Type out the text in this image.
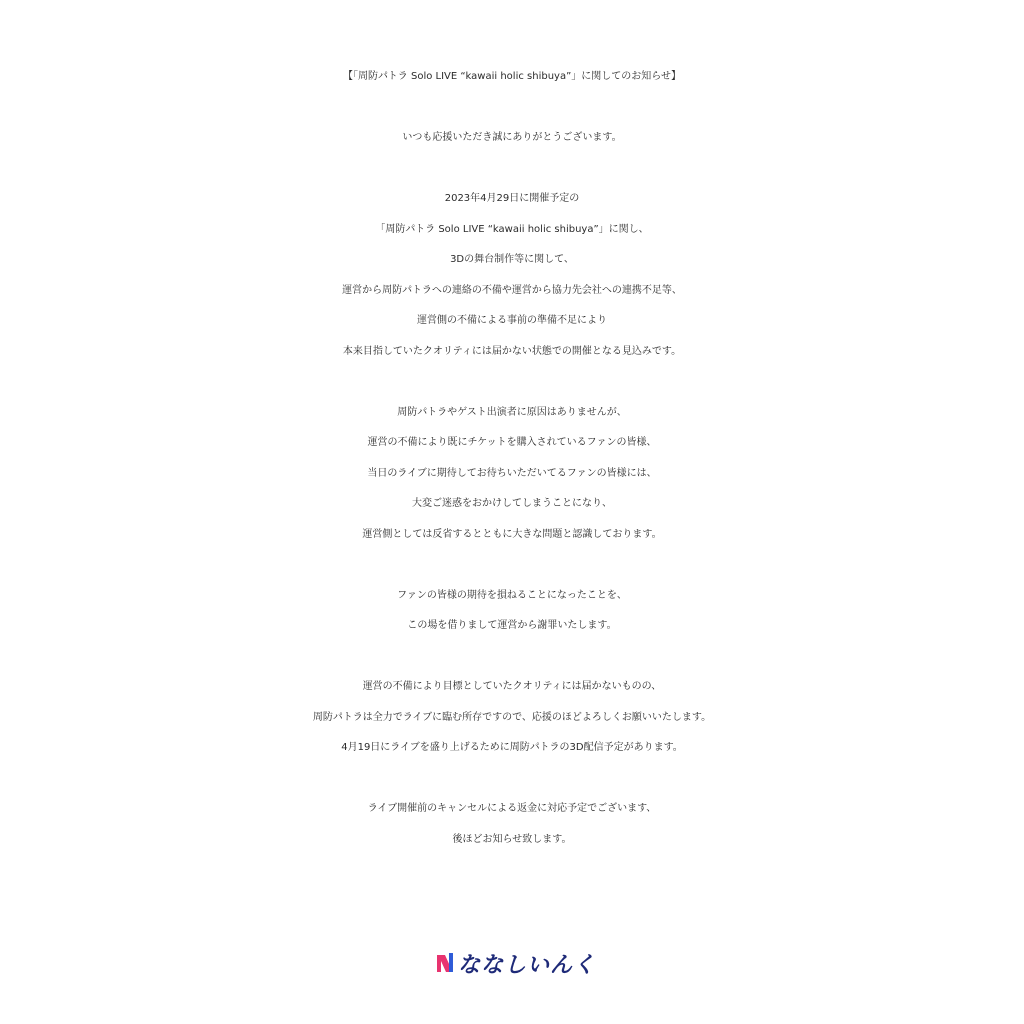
【「周防パトラ Solo LIVE “kawaii holic shibuya”」に関してのお知らせ】
いつも応援いただき誠にありがとうございます。
2023年4月29日に開催予定の
「周防パトラ Solo LIVE “kawaii holic shibuya”」に関し、
3Dの舞台制作等に関して、
運営から周防パトラへの連絡の不備や運営から協力先会社への連携不足等、
運営側の不備による事前の準備不足により
本来目指していたクオリティには届かない状態での開催となる見込みです。
周防パトラやゲスト出演者に原因はありませんが、
運営の不備により既にチケットを購入されているファンの皆様、
当日のライブに期待してお待ちいただいてるファンの皆様には、
大変ご迷惑をおかけしてしまうことになり、
運営側としては反省するとともに大きな問題と認識しております。
ファンの皆様の期待を損ねることになったことを、
この場を借りまして運営から謝罪いたします。
運営の不備により目標としていたクオリティには届かないものの、
周防パトラは全力でライブに臨む所存ですので、応援のほどよろしくお願いいたします。
4月19日にライブを盛り上げるために周防パトラの3D配信予定があります。
ライブ開催前のキャンセルによる返金に対応予定でございます、
後ほどお知らせ致します。
ななしいんく
